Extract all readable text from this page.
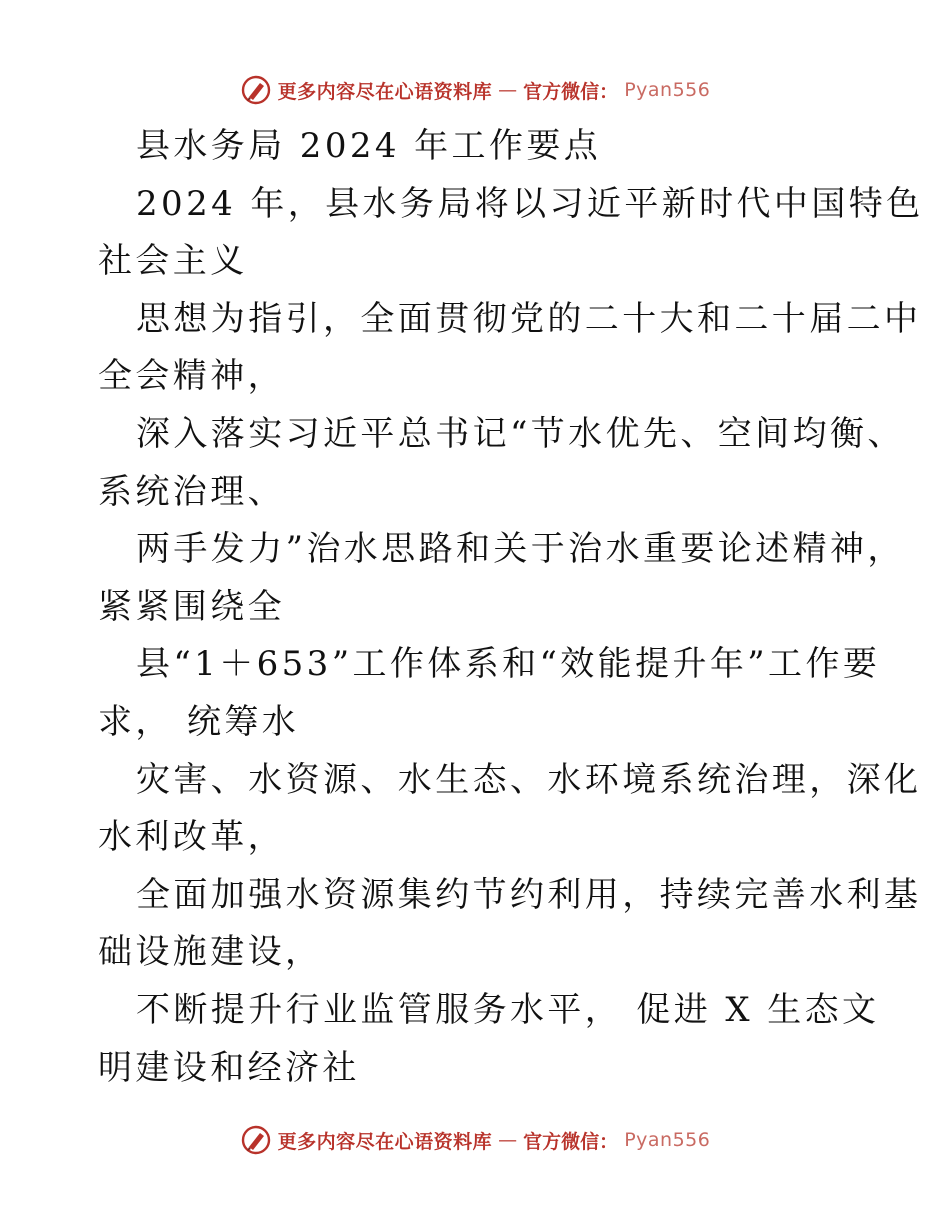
更多内容尽在心语资料库 — 官方微信： Pyan556
县水务局 2024 年工作要点
2024 年，县水务局将以习近平新时代中国特色
社会主义
思想为指引，全面贯彻党的二十大和二十届二中
全会精神，
深入落实习近平总书记“节水优先、空间均衡、
系统治理、
两手发力”治水思路和关于治水重要论述精神，
紧紧围绕全
县“1＋653”工作体系和“效能提升年”工作要
求， 统筹水
灾害、水资源、水生态、水环境系统治理，深化
水利改革，
全面加强水资源集约节约利用，持续完善水利基
础设施建设，
不断提升行业监管服务水平， 促进 X 生态文
明建设和经济社
更多内容尽在心语资料库 — 官方微信： Pyan556
